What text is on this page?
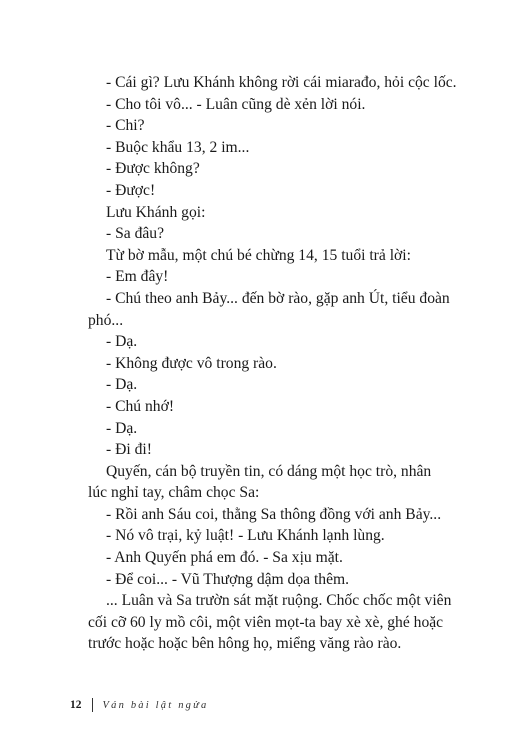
- Cái gì? Lưu Khánh không rời cái miarađo, hỏi cộc lốc.
- Cho tôi vô... - Luân cũng dè xẻn lời nói.
- Chi?
- Buộc khẩu 13, 2 im...
- Được không?
- Được!
Lưu Khánh gọi:
- Sa đâu?
Từ bờ mẫu, một chú bé chừng 14, 15 tuổi trả lời:
- Em đây!
- Chú theo anh Bảy... đến bờ rào, gặp anh Út, tiểu đoàn
phó...
- Dạ.
- Không được vô trong rào.
- Dạ.
- Chú nhớ!
- Dạ.
- Đi đi!
Quyến, cán bộ truyền tin, có dáng một học trò, nhân
lúc nghỉ tay, châm chọc Sa:
- Rồi anh Sáu coi, thằng Sa thông đồng với anh Bảy...
- Nó vô trại, kỷ luật! - Lưu Khánh lạnh lùng.
- Anh Quyến phá em đó. - Sa xịu mặt.
- Để coi... - Vũ Thượng dậm dọa thêm.
... Luân và Sa trườn sát mặt ruộng. Chốc chốc một viên
cối cỡ 60 ly mồ côi, một viên mọt-ta bay xè xè, ghé hoặc
trước hoặc hoặc bên hông họ, miểng văng rào rào.
12 Ván bài lật ngửa
